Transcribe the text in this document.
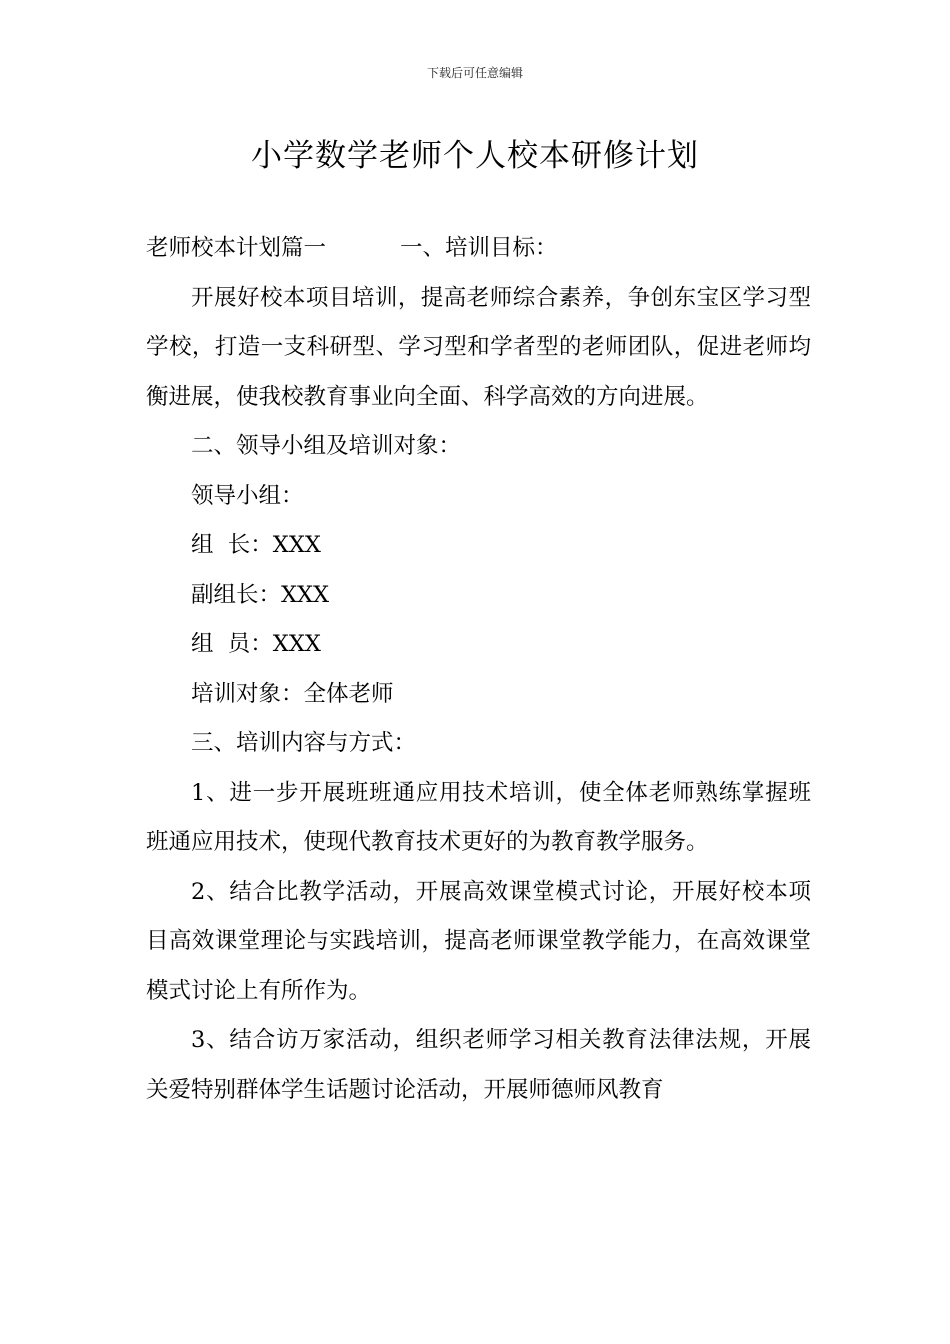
下载后可任意编辑
小学数学老师个人校本研修计划

老师校本计划篇一	一、培训目标：

开展好校本项目培训，提高老师综合素养，争创东宝区学习型学校，打造一支科研型、学习型和学者型的老师团队，促进老师均衡进展，使我校教育事业向全面、科学高效的方向进展。

二、领导小组及培训对象：

领导小组：

组  长：XXX

副组长：XXX

组  员：XXX

培训对象：全体老师

三、培训内容与方式：

1、进一步开展班班通应用技术培训，使全体老师熟练掌握班班通应用技术，使现代教育技术更好的为教育教学服务。

2、结合比教学活动，开展高效课堂模式讨论，开展好校本项目高效课堂理论与实践培训，提高老师课堂教学能力，在高效课堂模式讨论上有所作为。

3、结合访万家活动，组织老师学习相关教育法律法规，开展关爱特别群体学生话题讨论活动，开展师德师风教育
